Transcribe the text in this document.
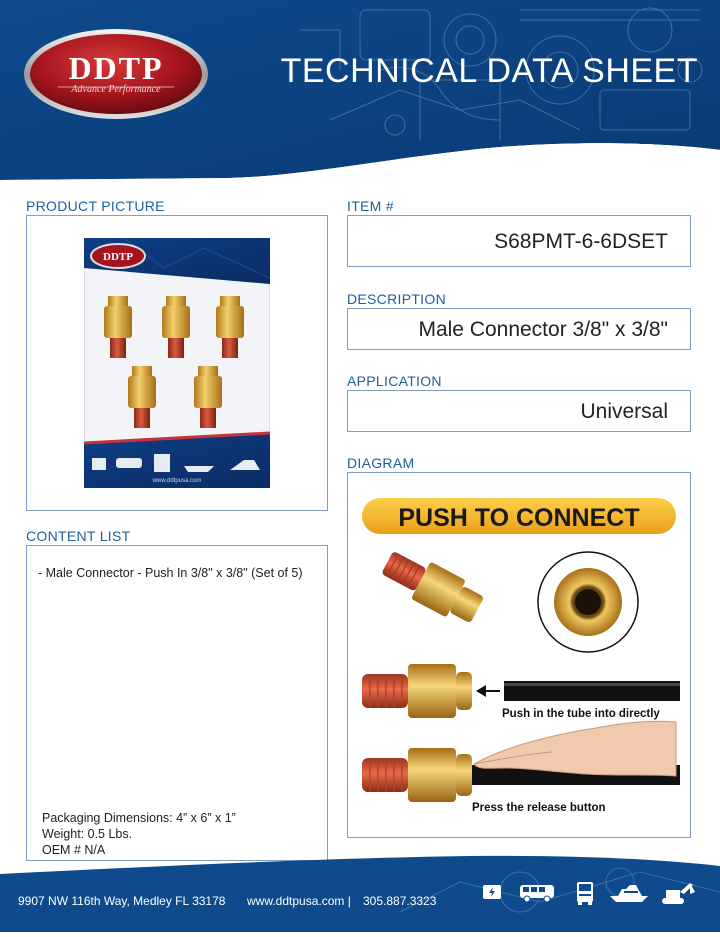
DDTP
Advance Performance	TECHNICAL DATA SHEET
PRODUCT PICTURE
DDTP
www.ddtpusa.com
CONTENT LIST
- Male Connector - Push In 3/8" x 3/8" (Set of 5)
Packaging Dimensions: 4” x 6” x 1”
Weight: 0.5 Lbs.
OEM # N/A
ITEM #
S68PMT-6-6DSET
DESCRIPTION
Male Connector 3/8" x 3/8"
APPLICATION
Universal
DIAGRAM
PUSH TO CONNECT
Push in the tube into directly
Press the release button
9907 NW 116th Way, Medley FL 33178 www.ddtpusa.com | 305.887.3323
